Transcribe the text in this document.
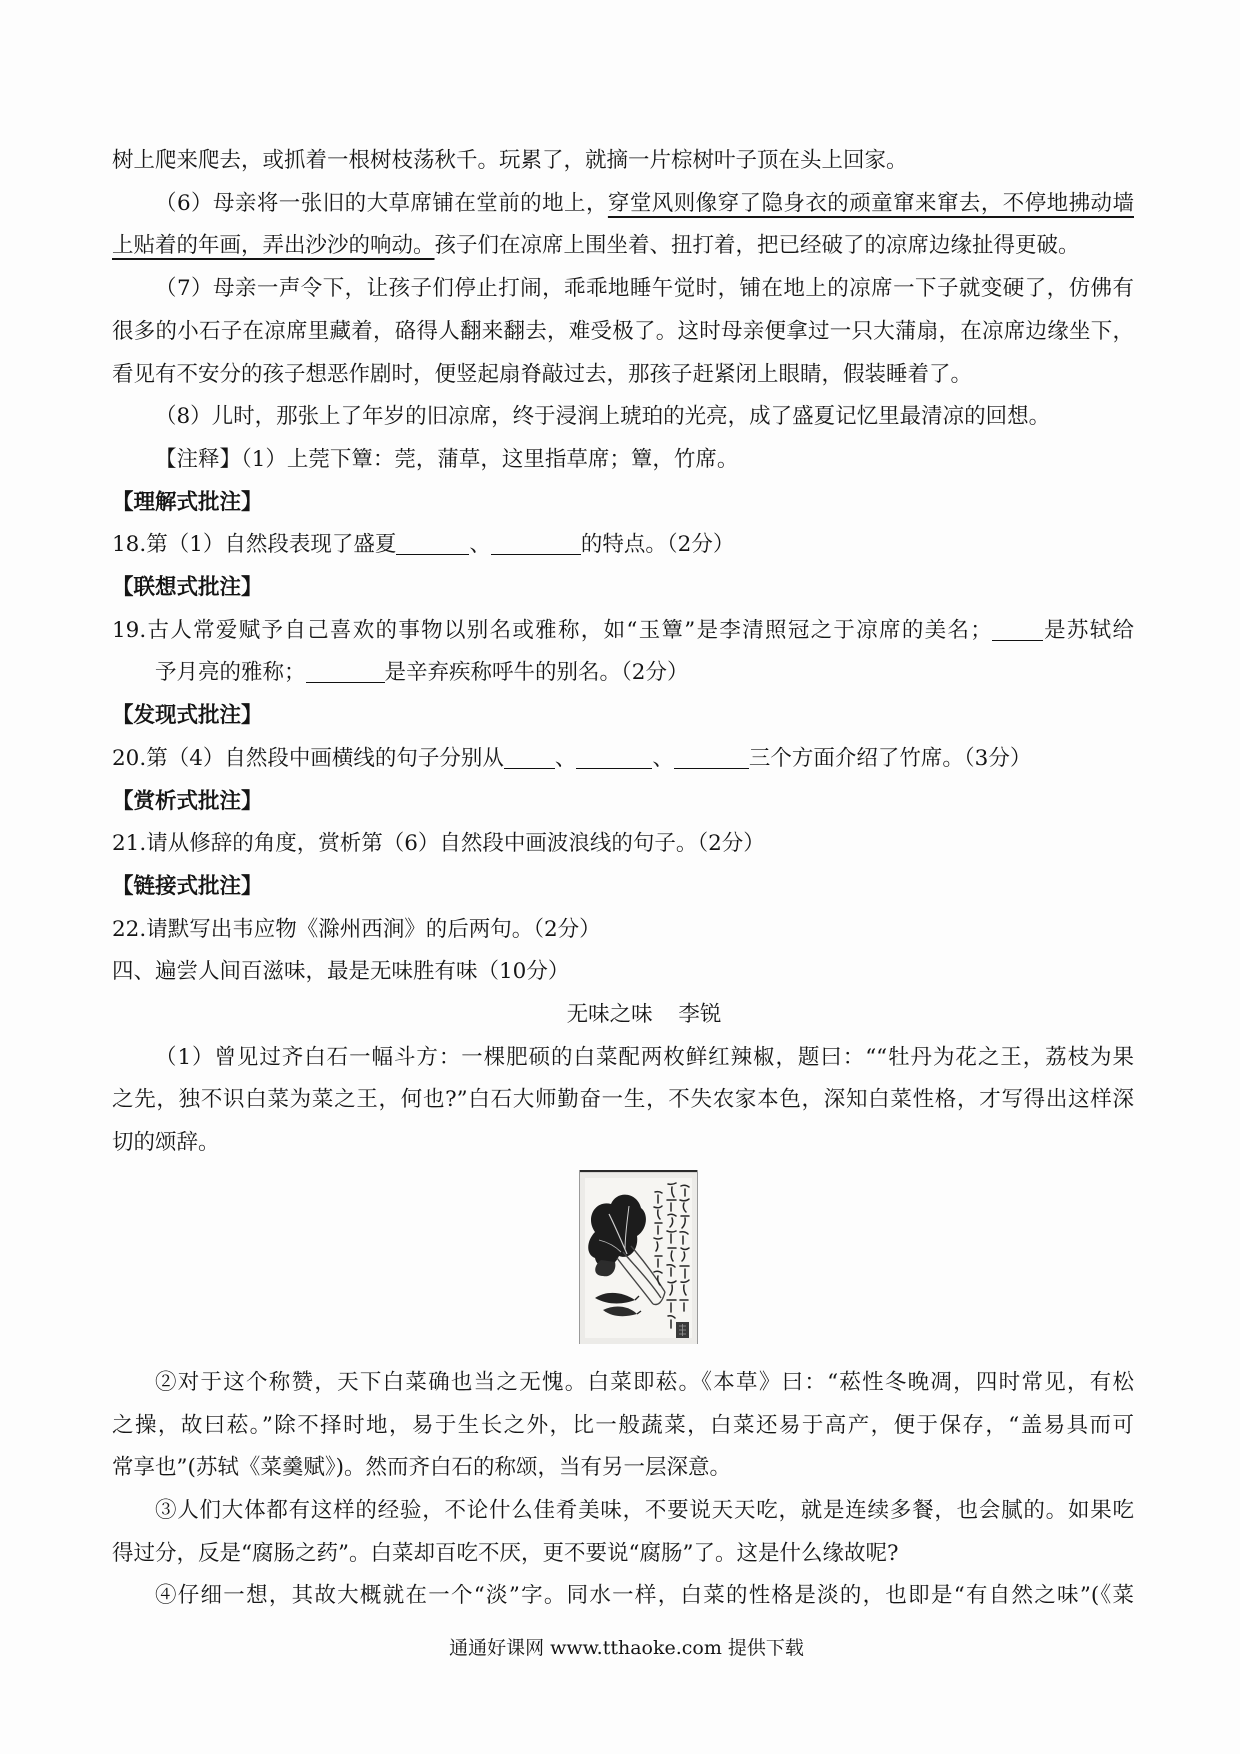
树上爬来爬去，或抓着一根树枝荡秋千。玩累了，就摘一片棕树叶子顶在头上回家。
（6）母亲将一张旧的大草席铺在堂前的地上，穿堂风则像穿了隐身衣的顽童窜来窜去，不停地拂动墙
上贴着的年画，弄出沙沙的响动。孩子们在凉席上围坐着、扭打着，把已经破了的凉席边缘扯得更破。
（7）母亲一声令下，让孩子们停止打闹，乖乖地睡午觉时，铺在地上的凉席一下子就变硬了，仿佛有
很多的小石子在凉席里藏着，硌得人翻来翻去，难受极了。这时母亲便拿过一只大蒲扇，在凉席边缘坐下，
看见有不安分的孩子想恶作剧时，便竖起扇脊敲过去，那孩子赶紧闭上眼睛，假装睡着了。
（8）儿时，那张上了年岁的旧凉席，终于浸润上琥珀的光亮，成了盛夏记忆里最清凉的回想。
【注释】（1）上莞下簟：莞，蒲草，这里指草席；簟，竹席。
【理解式批注】
18.第（1）自然段表现了盛夏	、	的特点。（2分）
【联想式批注】
19.古人常爱赋予自己喜欢的事物以别名或雅称，如“玉簟”是李清照冠之于凉席的美名； 是苏轼给
予月亮的雅称；	是辛弃疾称呼牛的别名。（2分）
【发现式批注】
20.第（4）自然段中画横线的句子分别从 、	、	三个方面介绍了竹席。（3分）
【赏析式批注】
21.请从修辞的角度，赏析第（6）自然段中画波浪线的句子。（2分）
【链接式批注】
22.请默写出韦应物《滁州西涧》的后两句。（2分）
四、遍尝人间百滋味，最是无味胜有味（10分）
无味之味 李锐
（1）曾见过齐白石一幅斗方：一棵肥硕的白菜配两枚鲜红辣椒，题曰：““牡丹为花之王，荔枝为果
之先，独不识白菜为菜之王，何也?”白石大师勤奋一生，不失农家本色，深知白菜性格，才写得出这样深
切的颂辞。
②对于这个称赞，天下白菜确也当之无愧。白菜即菘。《本草》曰：“菘性冬晚凋，四时常见，有松
之操，故曰菘。”除不择时地，易于生长之外，比一般蔬菜，白菜还易于高产，便于保存，“盖易具而可
常享也”(苏轼《菜羹赋》)。然而齐白石的称颂，当有另一层深意。
③人们大体都有这样的经验，不论什么佳肴美味，不要说天天吃，就是连续多餐，也会腻的。如果吃
得过分，反是“腐肠之药”。白菜却百吃不厌，更不要说“腐肠”了。这是什么缘故呢?
④仔细一想，其故大概就在一个“淡”字。同水一样，白菜的性格是淡的，也即是“有自然之味”(《菜
通通好课网 www.tthaoke.com 提供下载
